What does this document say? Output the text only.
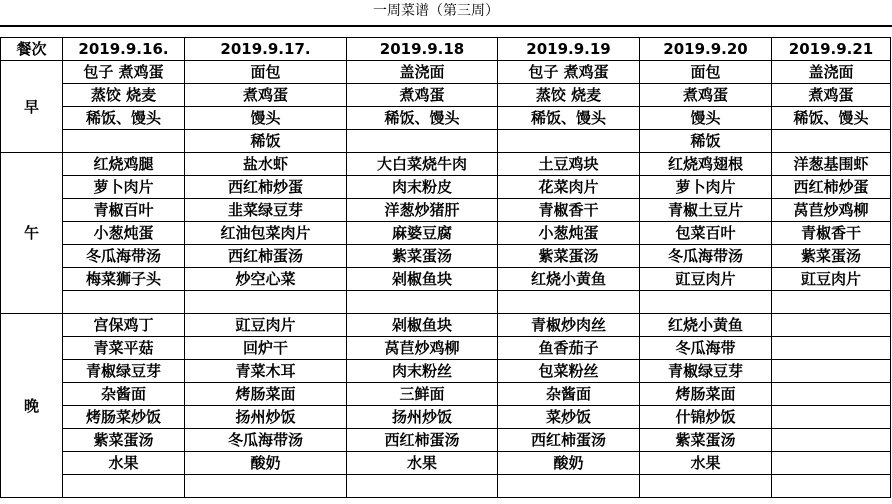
一周菜谱（第三周）
餐次	2019.9.16.	2019.9.17.	2019.9.18	2019.9.19	2019.9.20	2019.9.21
早	包子 煮鸡蛋	面包	盖浇面	包子 煮鸡蛋	面包	盖浇面
	蒸饺 烧麦	煮鸡蛋	煮鸡蛋	蒸饺 烧麦	煮鸡蛋	煮鸡蛋
	稀饭、馒头	馒头	稀饭、馒头	稀饭、馒头	馒头	稀饭、馒头
		稀饭			稀饭	
午	红烧鸡腿	盐水虾	大白菜烧牛肉	土豆鸡块	红烧鸡翅根	洋葱基围虾
	萝卜肉片	西红柿炒蛋	肉末粉皮	花菜肉片	萝卜肉片	西红柿炒蛋
	青椒百叶	韭菜绿豆芽	洋葱炒猪肝	青椒香干	青椒土豆片	莴苣炒鸡柳
	小葱炖蛋	红油包菜肉片	麻婆豆腐	小葱炖蛋	包菜百叶	青椒香干
	冬瓜海带汤	西红柿蛋汤	紫菜蛋汤	紫菜蛋汤	冬瓜海带汤	紫菜蛋汤
	梅菜狮子头	炒空心菜	剁椒鱼块	红烧小黄鱼	豇豆肉片	豇豆肉片

晚	宫保鸡丁	豇豆肉片	剁椒鱼块	青椒炒肉丝	红烧小黄鱼	
	青菜平菇	回炉干	莴苣炒鸡柳	鱼香茄子	冬瓜海带	
	青椒绿豆芽	青菜木耳	肉末粉丝	包菜粉丝	青椒绿豆芽	
	杂酱面	烤肠菜面	三鲜面	杂酱面	烤肠菜面	
	烤肠菜炒饭	扬州炒饭	扬州炒饭	菜炒饭	什锦炒饭	
	紫菜蛋汤	冬瓜海带汤	西红柿蛋汤	西红柿蛋汤	紫菜蛋汤	
	水果	酸奶	水果	酸奶	水果	
